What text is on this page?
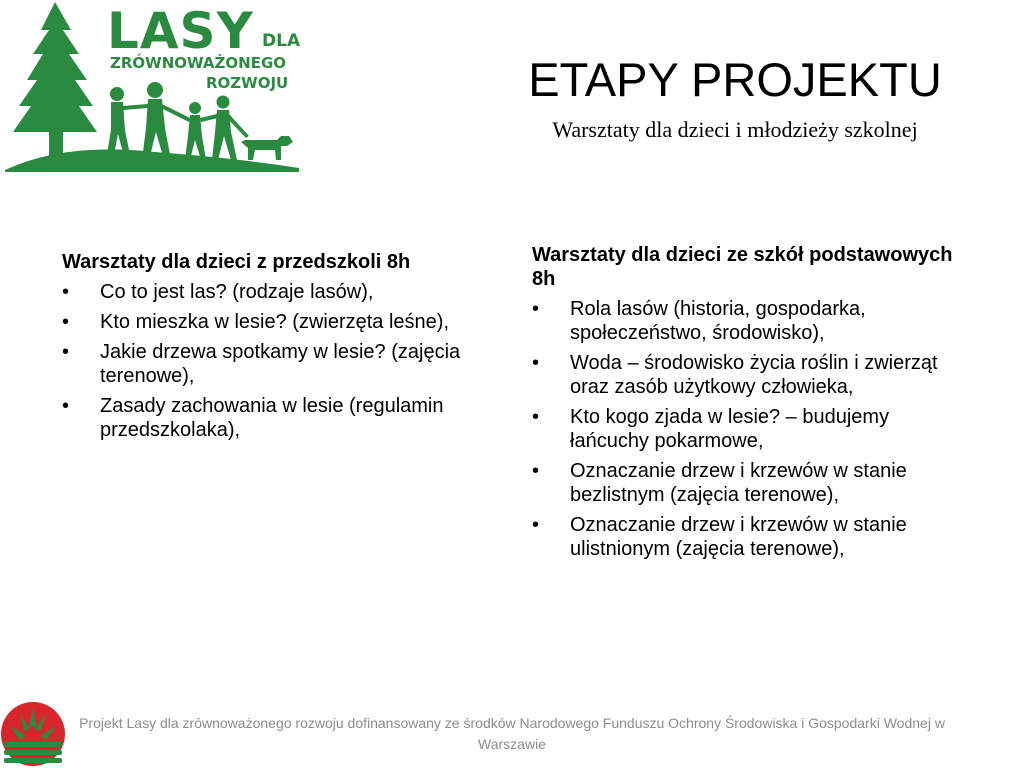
LASY DLA
ZRÓWNOWAŻONEGO
ROZWOJU	ETAPY PROJEKTU

Warsztaty dla dzieci i młodzieży szkolnej

Warsztaty dla dzieci z przedszkoli 8h

•	Co to jest las? (rodzaje lasów),
•	Kto mieszka w lesie? (zwierzęta leśne),
•	Jakie drzewa spotkamy w lesie? (zajęcia terenowe),
•	Zasady zachowania w lesie (regulamin przedszkolaka),

Warsztaty dla dzieci ze szkół podstawowych 8h

•	Rola lasów (historia, gospodarka, społeczeństwo, środowisko),
•	Woda – środowisko życia roślin i zwierząt oraz zasób użytkowy człowieka,
•	Kto kogo zjada w lesie? – budujemy łańcuchy pokarmowe,
•	Oznaczanie drzew i krzewów w stanie bezlistnym (zajęcia terenowe),
•	Oznaczanie drzew i krzewów w stanie ulistnionym (zajęcia terenowe),

Projekt Lasy dla zrównoważonego rozwoju dofinansowany ze środków Narodowego Funduszu Ochrony Środowiska i Gospodarki Wodnej w Warszawie
